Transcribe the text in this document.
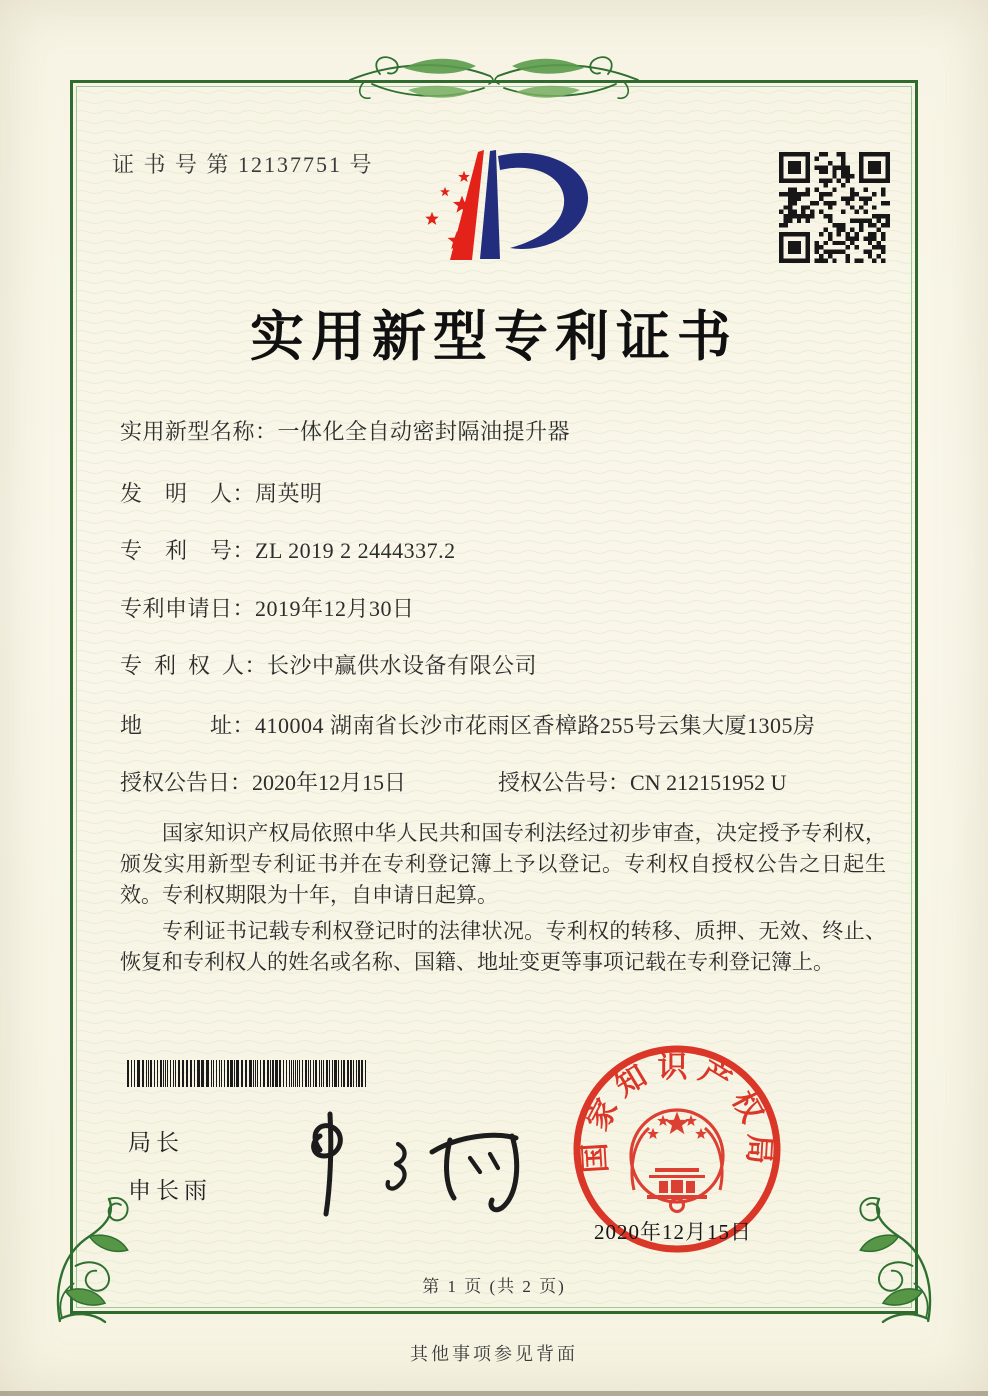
证 书 号 第 12137751 号
实用新型专利证书
实用新型名称：一体化全自动密封隔油提升器
发　明　人：周英明
专　利　号：ZL 2019 2 2444337.2
专利申请日：2019年12月30日
专 利 权 人：长沙中赢供水设备有限公司
地　　　址：410004 湖南省长沙市花雨区香樟路255号云集大厦1305房
授权公告日：2020年12月15日	授权公告号：CN 212151952 U

国家知识产权局依照中华人民共和国专利法经过初步审查，决定授予专利权，颁发实用新型专利证书并在专利登记簿上予以登记。专利权自授权公告之日起生效。专利权期限为十年，自申请日起算。

专利证书记载专利权登记时的法律状况。专利权的转移、质押、无效、终止、恢复和专利权人的姓名或名称、国籍、地址变更等事项记载在专利登记簿上。

局长
申长雨
国家知识产权局
2020年12月15日
第 1 页 (共 2 页)
其他事项参见背面
